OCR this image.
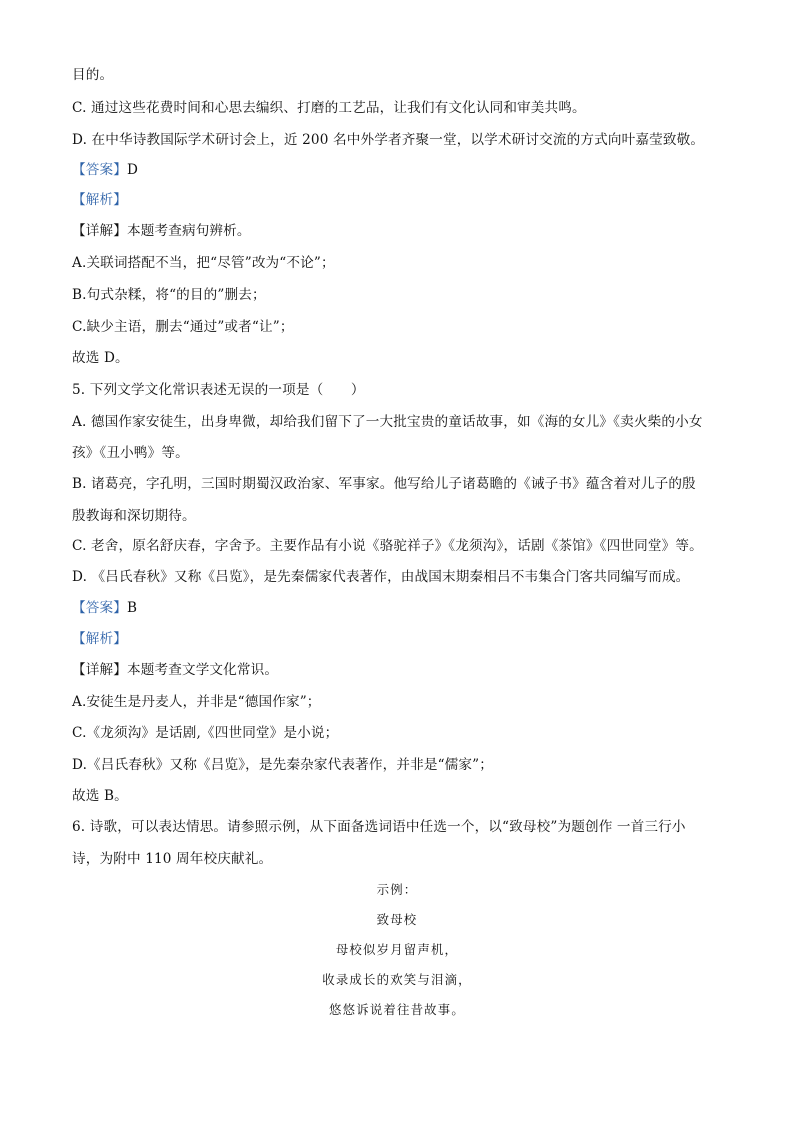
目的。
C. 通过这些花费时间和心思去编织、打磨的工艺品，让我们有文化认同和审美共鸣。
D. 在中华诗教国际学术研讨会上，近 200 名中外学者齐聚一堂，以学术研讨交流的方式向叶嘉莹致敬。
【答案】D
【解析】
【详解】本题考查病句辨析。
A.关联词搭配不当，把“尽管”改为“不论”；
B.句式杂糅，将“的目的”删去；
C.缺少主语，删去“通过”或者“让”；
故选 D。
5. 下列文学文化常识表述无误的一项是（　　）
A. 德国作家安徒生，出身卑微，却给我们留下了一大批宝贵的童话故事，如《海的女儿》《卖火柴的小女
孩》《丑小鸭》等。
B. 诸葛亮，字孔明，三国时期蜀汉政治家、军事家。他写给儿子诸葛瞻的《诫子书》蕴含着对儿子的殷
殷教诲和深切期待。
C. 老舍，原名舒庆春，字舍予。主要作品有小说《骆驼祥子》《龙须沟》，话剧《茶馆》《四世同堂》等。
D. 《吕氏春秋》又称《吕览》，是先秦儒家代表著作，由战国末期秦相吕不韦集合门客共同编写而成。
【答案】B
【解析】
【详解】本题考查文学文化常识。
A.安徒生是丹麦人，并非是“德国作家”；
C.《龙须沟》是话剧,《四世同堂》是小说；
D.《吕氏春秋》又称《吕览》，是先秦杂家代表著作，并非是“儒家”；
故选 B。
6. 诗歌，可以表达情思。请参照示例，从下面备选词语中任选一个，以“致母校”为题创作 一首三行小
诗，为附中 110 周年校庆献礼。
示例：
致母校
母校似岁月留声机，
收录成长的欢笑与泪滴，
悠悠诉说着往昔故事。
